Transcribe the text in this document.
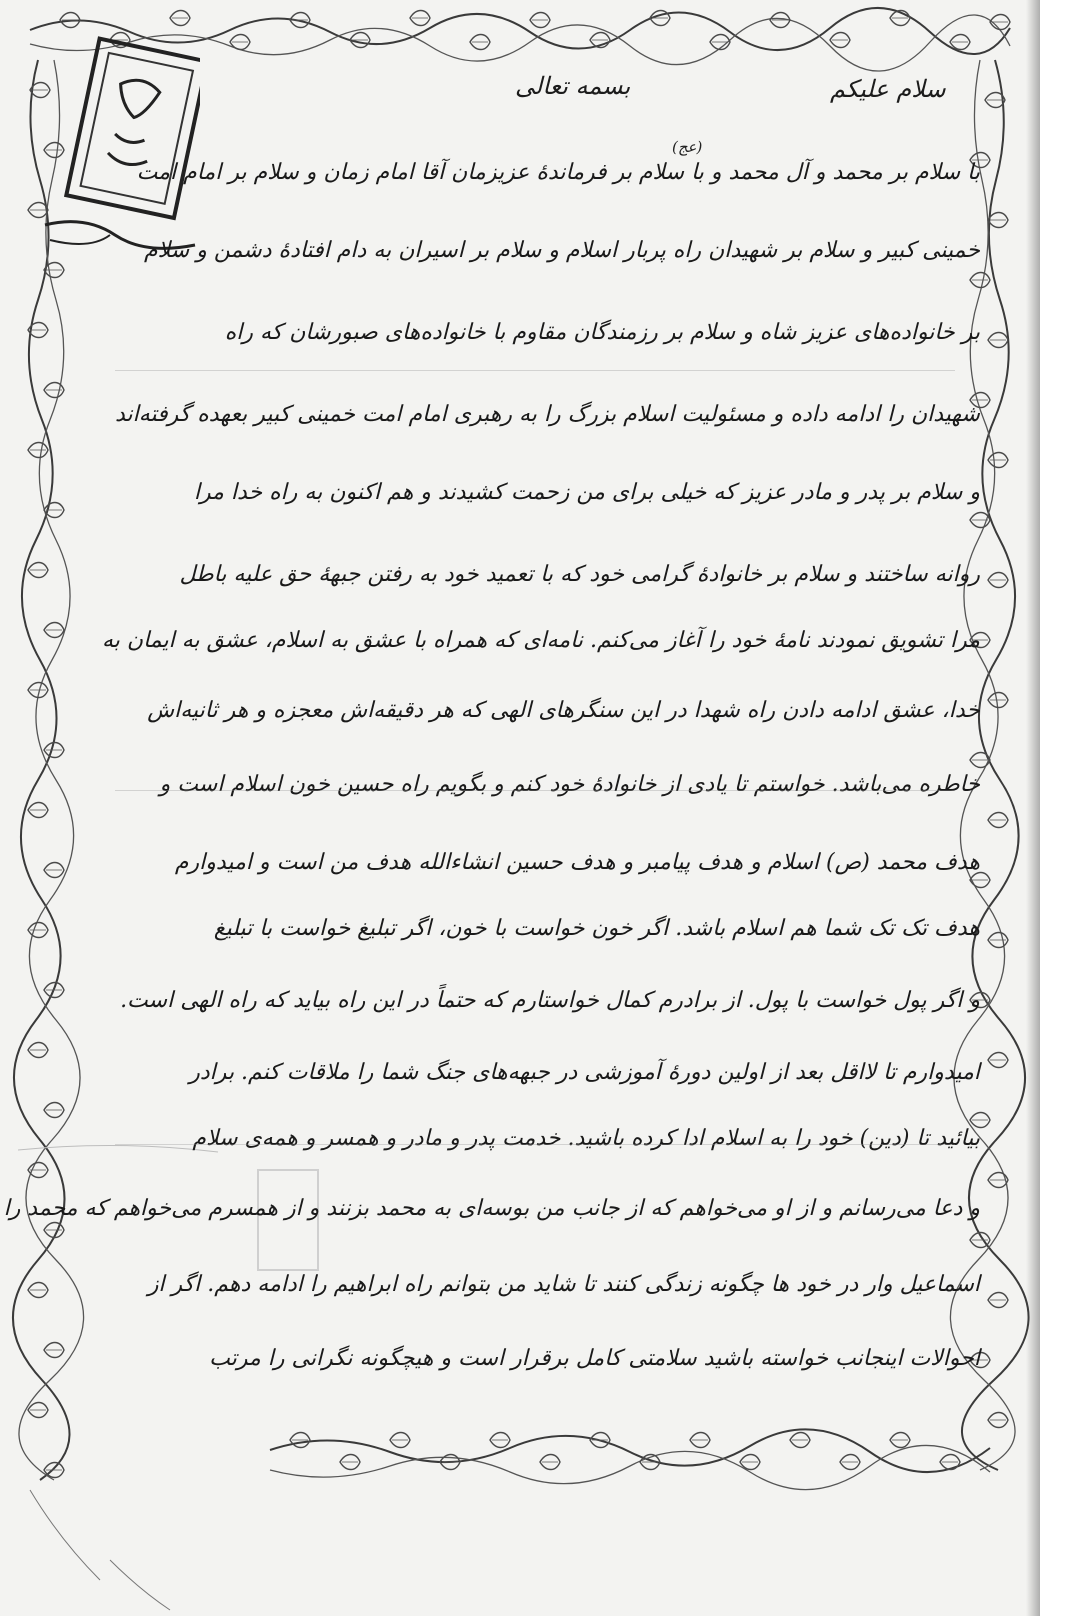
سلام علیکم
بسمه تعالی
(عج)
با سلام بر محمد و آل محمد و با سلام بر فرماندهٔ عزیزمان آقا امام زمان و سلام بر امام امت
خمینی کبیر و سلام بر شهیدان راه پربار اسلام و سلام بر اسیران به دام افتادهٔ دشمن و سلام
بر خانواده‌های عزیز شاه و سلام بر رزمندگان مقاوم با خانواده‌های صبورشان که راه
شهیدان را ادامه داده و مسئولیت اسلام بزرگ را به رهبری امام امت خمینی کبیر بعهده گرفته‌اند
و سلام بر پدر و مادر عزیز که خیلی برای من زحمت کشیدند و هم اکنون به راه خدا مرا
روانه ساختند و سلام بر خانوادهٔ گرامی خود که با تعمید خود به رفتن جبههٔ حق علیه باطل
مرا تشویق نمودند نامهٔ خود را آغاز می‌کنم. نامه‌ای که همراه با عشق به اسلام، عشق به ایمان به
خدا، عشق ادامه دادن راه شهدا در این سنگرهای الهی که هر دقیقه‌اش معجزه و هر ثانیه‌اش
خاطره می‌باشد. خواستم تا یادی از خانوادهٔ خود کنم و بگویم راه حسین خون اسلام است و
هدف محمد (ص) اسلام و هدف پیامبر و هدف حسین انشاءالله هدف من است و امیدوارم
هدف تک تک شما هم اسلام باشد. اگر خون خواست با خون، اگر تبلیغ خواست با تبلیغ
و اگر پول خواست با پول. از برادرم کمال خواستارم که حتماً در این راه بیاید که راه الهی است.
امیدوارم تا لااقل بعد از اولین دورهٔ آموزشی در جبهه‌های جنگ شما را ملاقات کنم. برادر
بیائید تا (دین) خود را به اسلام ادا کرده باشید. خدمت پدر و مادر و همسر و همه‌ی سلام
و دعا می‌رسانم و از او می‌خواهم که از جانب من بوسه‌ای به محمد بزنند و از همسرم می‌خواهم که محمد را
اسماعیل وار در خود ها چگونه زندگی کنند تا شاید من بتوانم راه ابراهیم را ادامه دهم. اگر از
احوالات اینجانب خواسته باشید سلامتی کامل برقرار است و هیچگونه نگرانی را مرتب
